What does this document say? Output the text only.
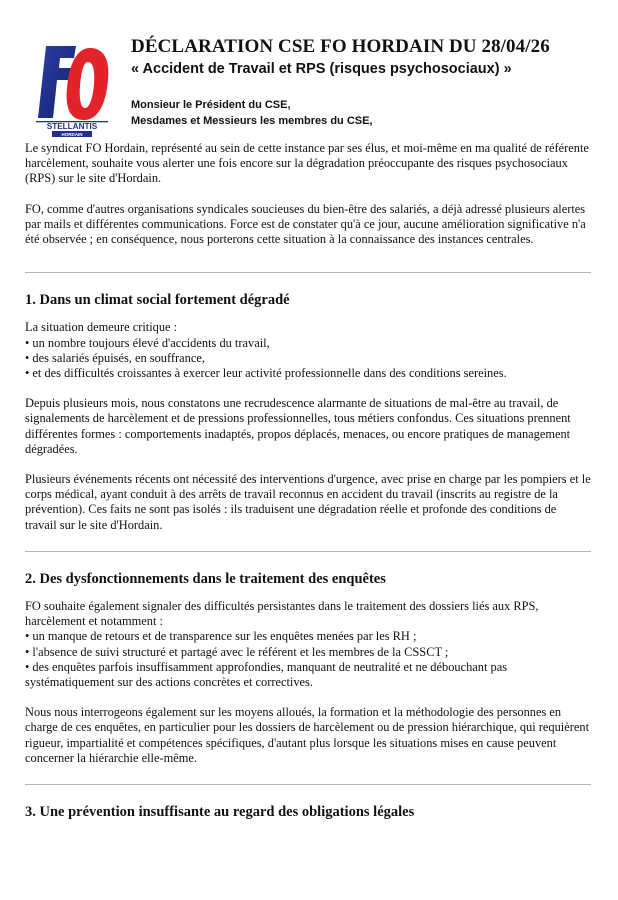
STELLANTIS
HORDAIN
DÉCLARATION CSE FO HORDAIN DU 28/04/26
« Accident de Travail et RPS (risques psychosociaux) »
Monsieur le Président du CSE,
Mesdames et Messieurs les membres du CSE,

Le syndicat FO Hordain, représenté au sein de cette instance par ses élus, et moi-même en ma qualité de référente harcèlement, souhaite vous alerter une fois encore sur la dégradation préoccupante des risques psychosociaux (RPS) sur le site d'Hordain.

FO, comme d'autres organisations syndicales soucieuses du bien-être des salariés, a déjà adressé plusieurs alertes par mails et différentes communications. Force est de constater qu'à ce jour, aucune amélioration significative n'a été observée ; en conséquence, nous porterons cette situation à la connaissance des instances centrales.

1. Dans un climat social fortement dégradé

La situation demeure critique :
• un nombre toujours élevé d'accidents du travail,
• des salariés épuisés, en souffrance,
• et des difficultés croissantes à exercer leur activité professionnelle dans des conditions sereines.

Depuis plusieurs mois, nous constatons une recrudescence alarmante de situations de mal-être au travail, de signalements de harcèlement et de pressions professionnelles, tous métiers confondus. Ces situations prennent différentes formes : comportements inadaptés, propos déplacés, menaces, ou encore pratiques de management dégradées.

Plusieurs événements récents ont nécessité des interventions d'urgence, avec prise en charge par les pompiers et le corps médical, ayant conduit à des arrêts de travail reconnus en accident du travail (inscrits au registre de la prévention). Ces faits ne sont pas isolés : ils traduisent une dégradation réelle et profonde des conditions de travail sur le site d'Hordain.

2. Des dysfonctionnements dans le traitement des enquêtes

FO souhaite également signaler des difficultés persistantes dans le traitement des dossiers liés aux RPS, harcèlement et notamment :
• un manque de retours et de transparence sur les enquêtes menées par les RH ;
• l'absence de suivi structuré et partagé avec le référent et les membres de la CSSCT ;
• des enquêtes parfois insuffisamment approfondies, manquant de neutralité et ne débouchant pas systématiquement sur des actions concrètes et correctives.

Nous nous interrogeons également sur les moyens alloués, la formation et la méthodologie des personnes en charge de ces enquêtes, en particulier pour les dossiers de harcèlement ou de pression hiérarchique, qui requièrent rigueur, impartialité et compétences spécifiques, d'autant plus lorsque les situations mises en cause peuvent concerner la hiérarchie elle-même.

3. Une prévention insuffisante au regard des obligations légales
